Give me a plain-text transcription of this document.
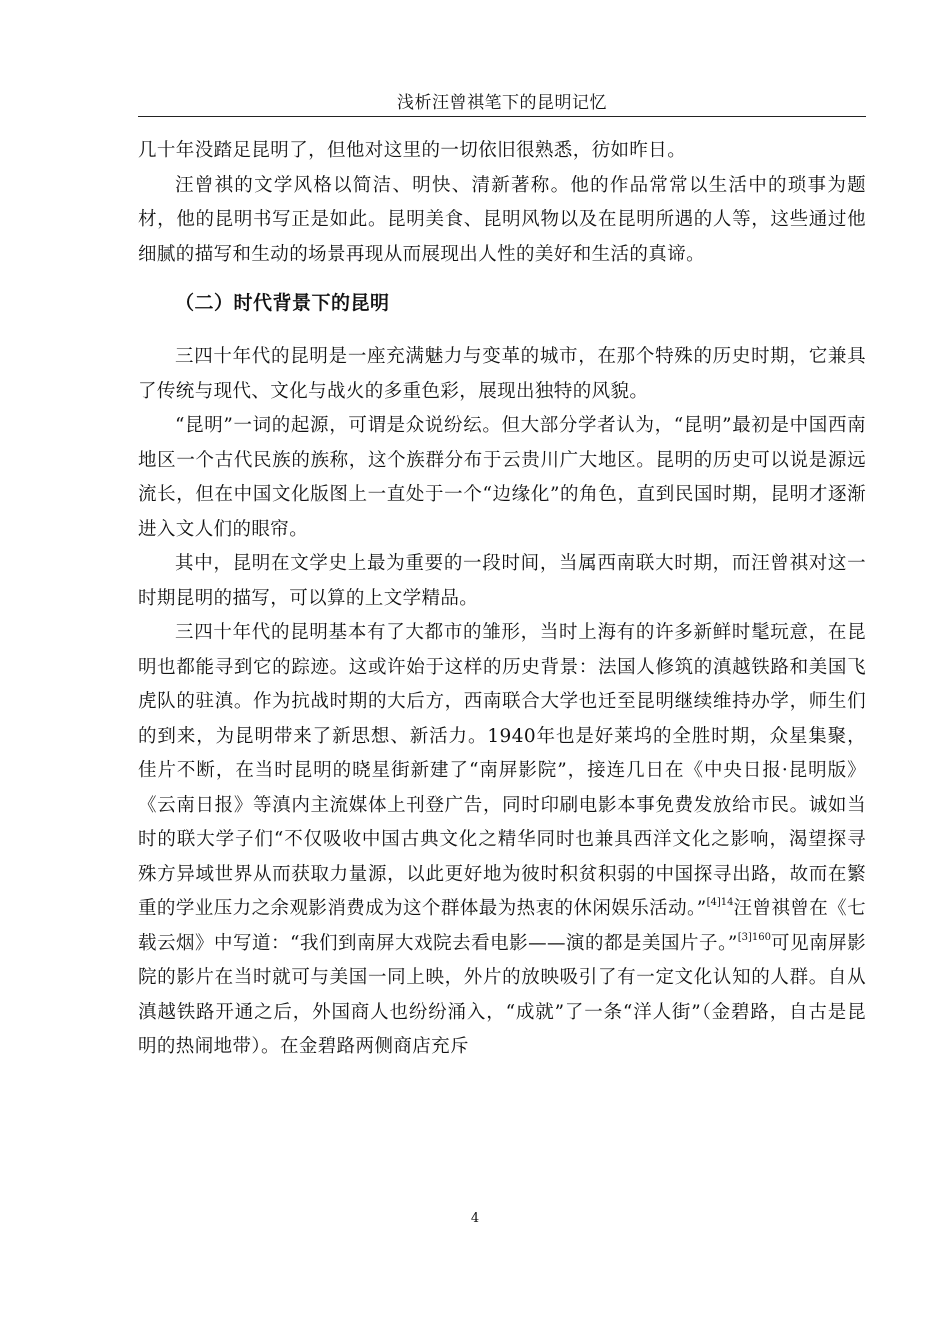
浅析汪曾祺笔下的昆明记忆

几十年没踏足昆明了，但他对这里的一切依旧很熟悉，彷如昨日。

汪曾祺的文学风格以简洁、明快、清新著称。他的作品常常以生活中的琐事为题材，他的昆明书写正是如此。昆明美食、昆明风物以及在昆明所遇的人等，这些通过他细腻的描写和生动的场景再现从而展现出人性的美好和生活的真谛。

（二）时代背景下的昆明

三四十年代的昆明是一座充满魅力与变革的城市，在那个特殊的历史时期，它兼具了传统与现代、文化与战火的多重色彩，展现出独特的风貌。

“昆明”一词的起源，可谓是众说纷纭。但大部分学者认为，“昆明”最初是中国西南地区一个古代民族的族称，这个族群分布于云贵川广大地区。昆明的历史可以说是源远流长，但在中国文化版图上一直处于一个“边缘化”的角色，直到民国时期，昆明才逐渐进入文人们的眼帘。

其中，昆明在文学史上最为重要的一段时间，当属西南联大时期，而汪曾祺对这一时期昆明的描写，可以算的上文学精品。

三四十年代的昆明基本有了大都市的雏形，当时上海有的许多新鲜时髦玩意，在昆明也都能寻到它的踪迹。这或许始于这样的历史背景：法国人修筑的滇越铁路和美国飞虎队的驻滇。作为抗战时期的大后方，西南联合大学也迁至昆明继续维持办学，师生们的到来，为昆明带来了新思想、新活力。1940年也是好莱坞的全胜时期，众星集聚，佳片不断，在当时昆明的晓星街新建了“南屏影院”，接连几日在《中央日报·昆明版》《云南日报》等滇内主流媒体上刊登广告，同时印刷电影本事免费发放给市民。诚如当时的联大学子们“不仅吸收中国古典文化之精华同时也兼具西洋文化之影响，渴望探寻殊方异域世界从而获取力量源，以此更好地为彼时积贫积弱的中国探寻出路，故而在繁重的学业压力之余观影消费成为这个群体最为热衷的休闲娱乐活动。”$^{[4]14}$汪曾祺曾在《七载云烟》中写道：“我们到南屏大戏院去看电影——演的都是美国片子。”$^{[3]160}$可见南屏影院的影片在当时就可与美国一同上映，外片的放映吸引了有一定文化认知的人群。自从滇越铁路开通之后，外国商人也纷纷涌入，“成就”了一条“洋人街”（金碧路，自古是昆明的热闹地带）。在金碧路两侧商店充斥

4
